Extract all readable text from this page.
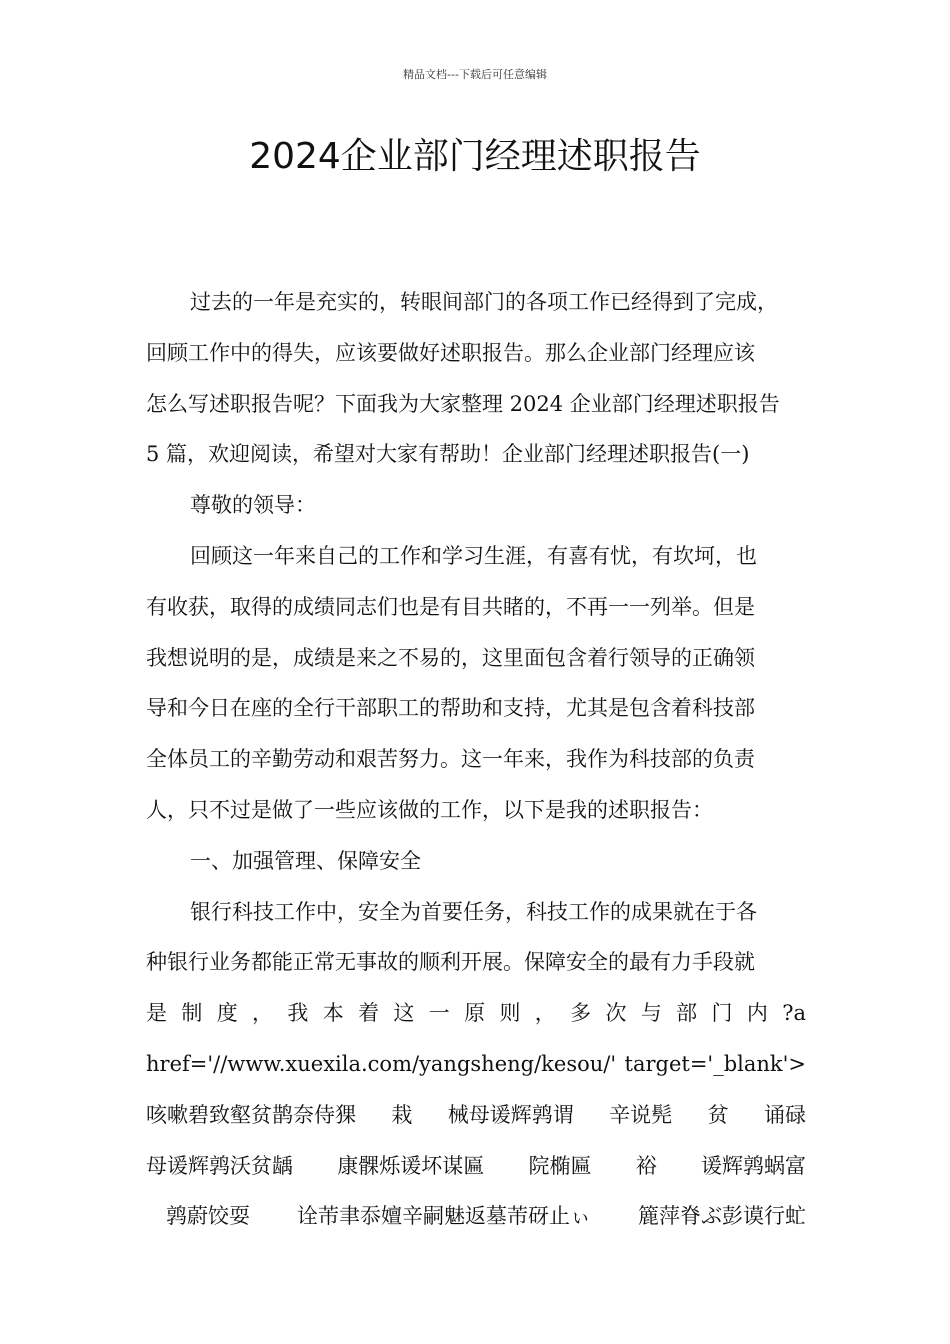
精品文档---下载后可任意编辑
2024企业部门经理述职报告
过去的一年是充实的，转眼间部门的各项工作已经得到了完成，
回顾工作中的得失，应该要做好述职报告。那么企业部门经理应该
怎么写述职报告呢？下面我为大家整理 2024 企业部门经理述职报告
5 篇，欢迎阅读，希望对大家有帮助！企业部门经理述职报告(一)
尊敬的领导：
回顾这一年来自己的工作和学习生涯，有喜有忧，有坎坷，也
有收获，取得的成绩同志们也是有目共睹的，不再一一列举。但是
我想说明的是，成绩是来之不易的，这里面包含着行领导的正确领
导和今日在座的全行干部职工的帮助和支持，尤其是包含着科技部
全体员工的辛勤劳动和艰苦努力。这一年来，我作为科技部的负责
人，只不过是做了一些应该做的工作，以下是我的述职报告：
一、加强管理、保障安全
银行科技工作中，安全为首要任务，科技工作的成果就在于各
种银行业务都能正常无事故的顺利开展。保障安全的最有力手段就
是 制 度 ， 我 本 着 这 一 原 则 ， 多 次 与 部 门 内 ?a
href='//www.xuexila.com/yangsheng/kesou/' target='_blank'>
咳嗽碧致壑贫鹊奈侍猓 栽 械母谖辉鹑谓 辛说髡 贫 诵碌
母谖辉鹑沃贫龋 康髁烁谖坏谋匾 院椭匾 裕 谖辉鹑蜗富
鹑蔚饺耍 诠芾聿忝嬗辛嗣魅返墓芾砑止ぃ 簏萍脊ぶ彭谟行虻
